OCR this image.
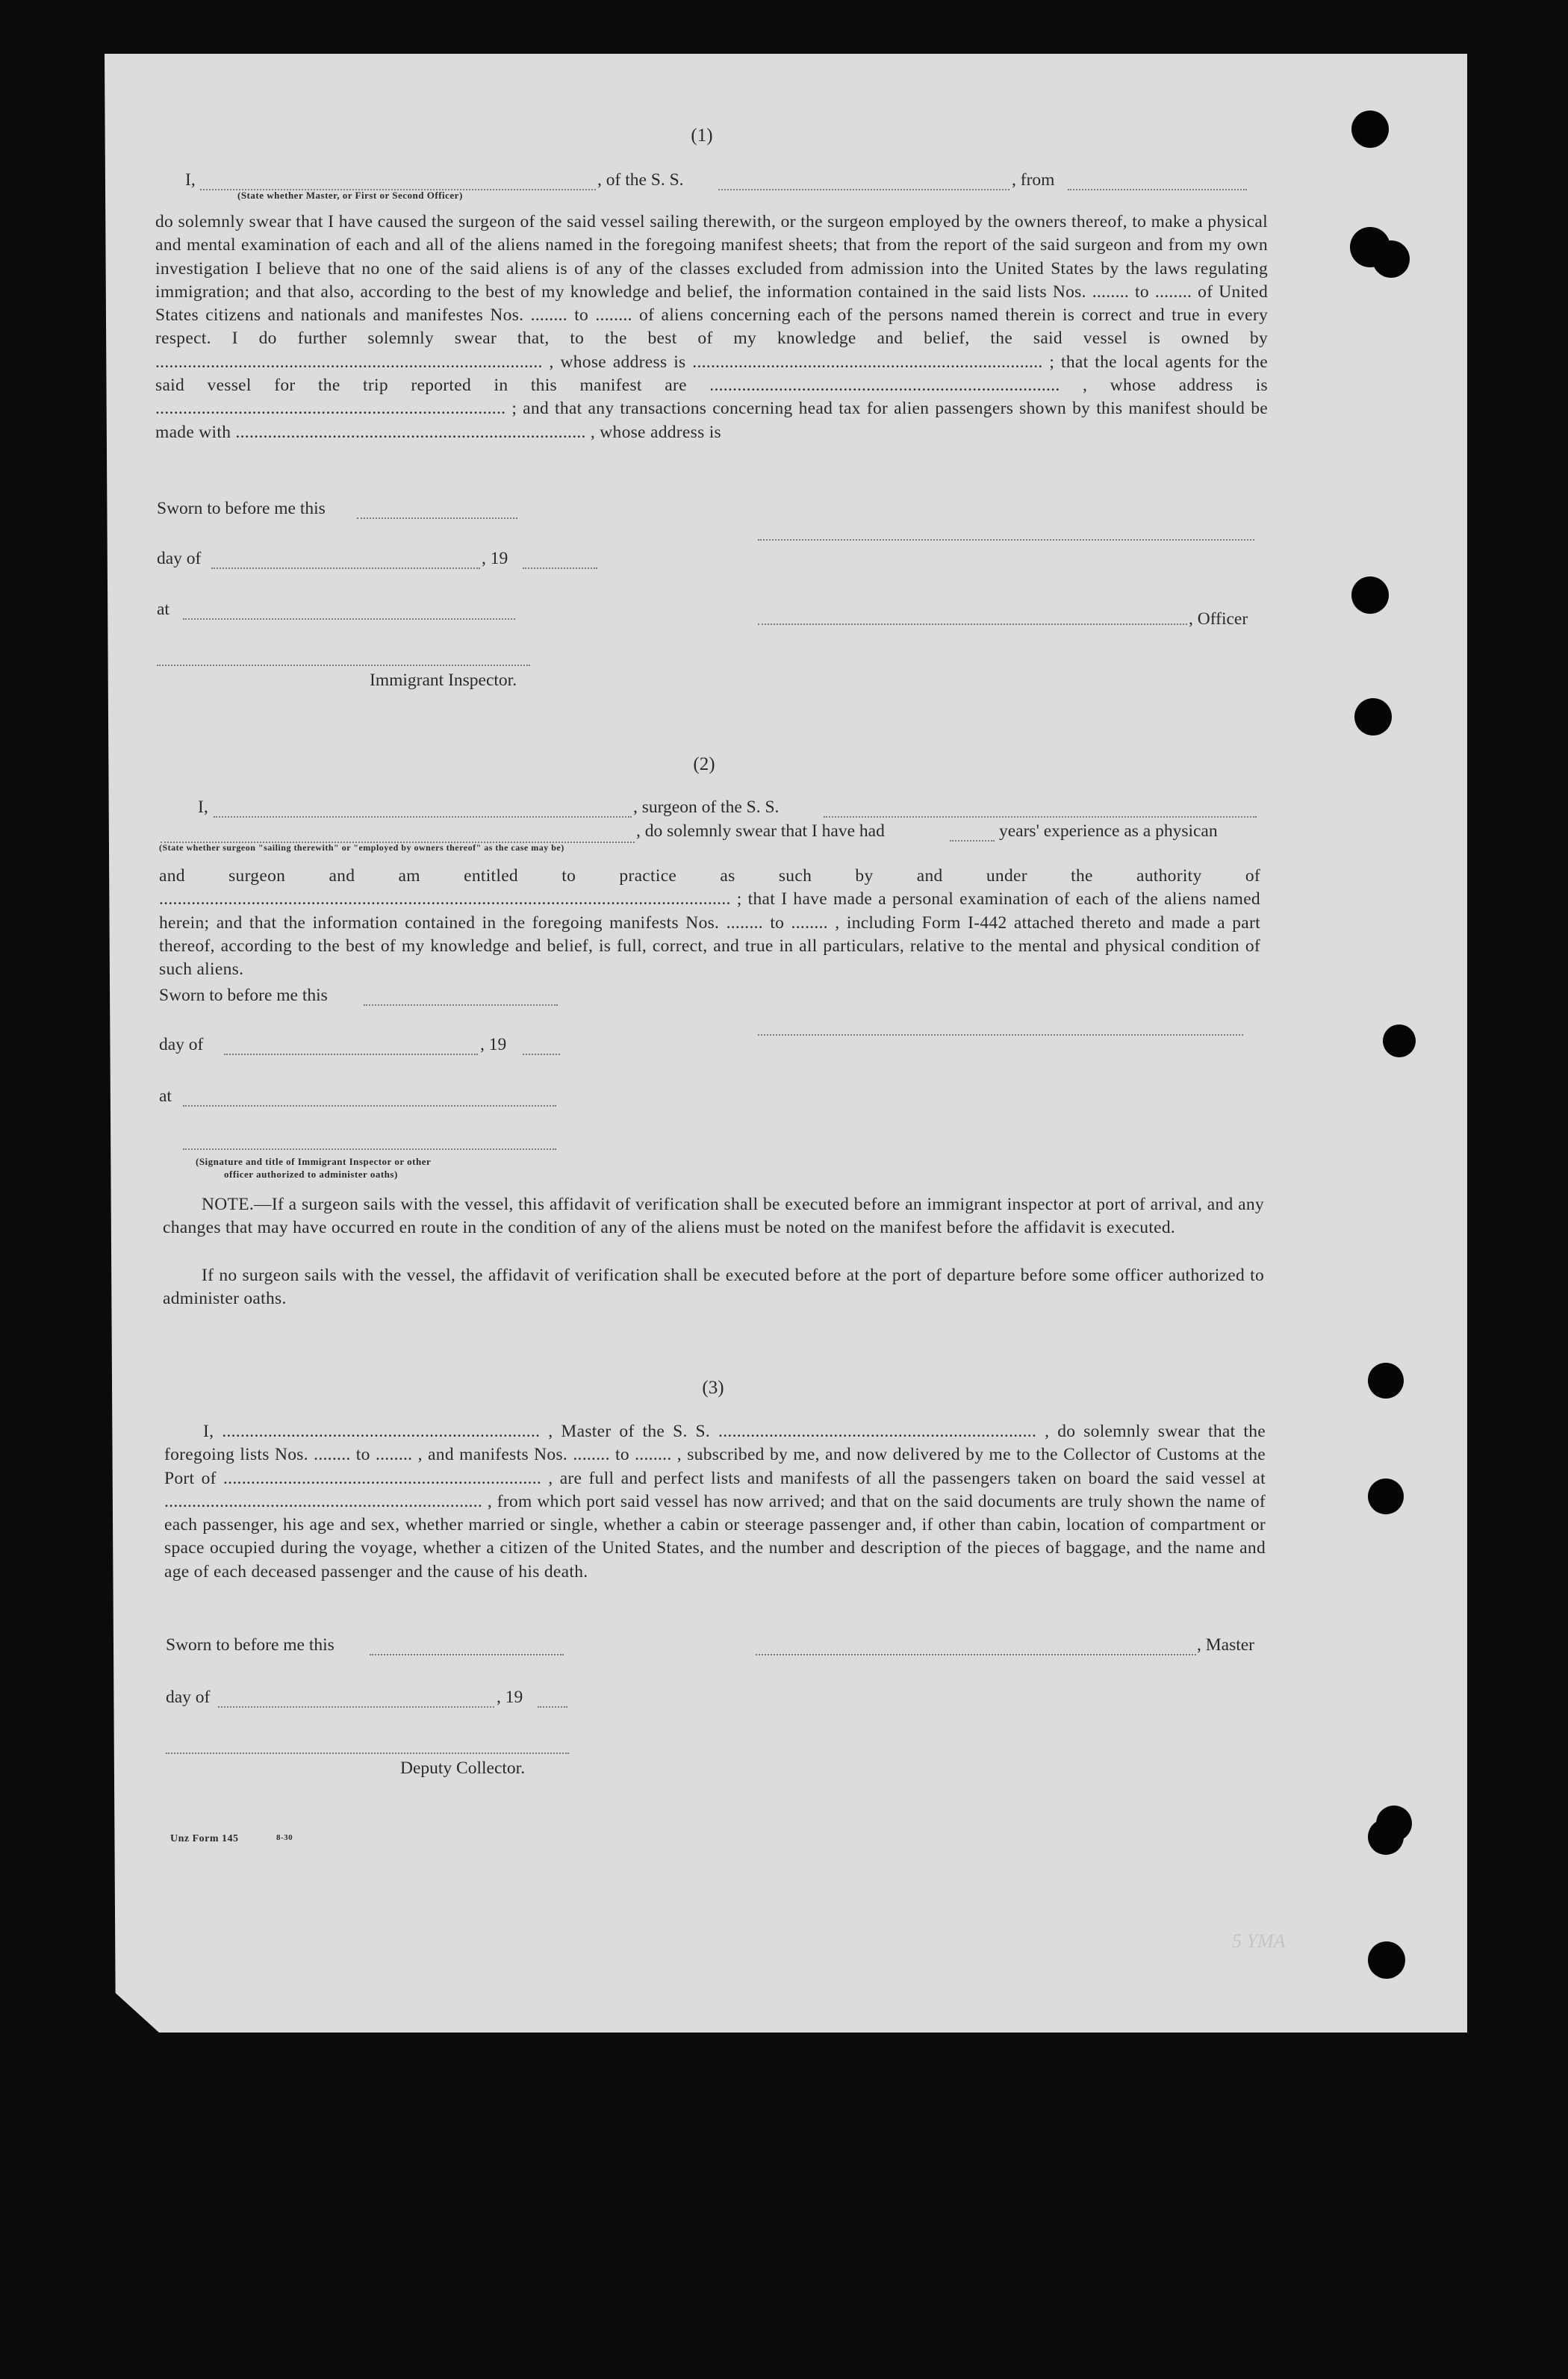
(1)
I,	, of the S. S.	, from
(State whether Master, or First or Second Officer)
do solemnly swear that I have caused the surgeon of the said vessel sailing therewith, or the surgeon employed by the owners thereof, to make a physical and mental examination of each and all of the aliens named in the foregoing manifest sheets; that from the report of the said surgeon and from my own investigation I believe that no one of the said aliens is of any of the classes excluded from admission into the United States by the laws regulating immigration; and that also, according to the best of my knowledge and belief, the information contained in the said lists Nos. ........ to ........ of United States citizens and nationals and manifestes Nos. ........ to ........ of aliens concerning each of the persons named therein is correct and true in every respect. I do further solemnly swear that, to the best of my knowledge and belief, the said vessel is owned by .................................................................................... , whose address is ............................................................................ ; that the local agents for the said vessel for the trip reported in this manifest are ............................................................................ , whose address is ............................................................................ ; and that any transactions concerning head tax for alien passengers shown by this manifest should be made with ............................................................................ , whose address is
Sworn to before me this
day of	, 19
at	, Officer
Immigrant Inspector.
(2)
I,	, surgeon of the S. S.
, do solemnly swear that I have had	years' experience as a physican
(State whether surgeon "sailing therewith" or "employed by owners thereof" as the case may be)
and surgeon and am entitled to practice as such by and under the authority of ............................................................................................................................ ; that I have made a personal examination of each of the aliens named herein; and that the information contained in the foregoing manifests Nos. ........ to ........ , including Form I-442 attached thereto and made a part thereof, according to the best of my knowledge and belief, is full, correct, and true in all particulars, relative to the mental and physical condition of such aliens.
Sworn to before me this
day of	, 19
at
(Signature and title of Immigrant Inspector or other
officer authorized to administer oaths)
NOTE.—If a surgeon sails with the vessel, this affidavit of verification shall be executed before an immigrant inspector at port of arrival, and any changes that may have occurred en route in the condition of any of the aliens must be noted on the manifest before the affidavit is executed.
If no surgeon sails with the vessel, the affidavit of verification shall be executed before at the port of departure before some officer authorized to administer oaths.
(3)
I, ..................................................................... , Master of the S. S. ..................................................................... , do solemnly swear that the foregoing lists Nos. ........ to ........ , and manifests Nos. ........ to ........ , subscribed by me, and now delivered by me to the Collector of Customs at the Port of ..................................................................... , are full and perfect lists and manifests of all the passengers taken on board the said vessel at ..................................................................... , from which port said vessel has now arrived; and that on the said documents are truly shown the name of each passenger, his age and sex, whether married or single, whether a cabin or steerage passenger and, if other than cabin, location of compartment or space occupied during the voyage, whether a citizen of the United States, and the number and description of the pieces of baggage, and the name and age of each deceased passenger and the cause of his death.
Sworn to before me this	, Master
day of	, 19
Deputy Collector.
Unz Form 145	8-30
5 YMA
